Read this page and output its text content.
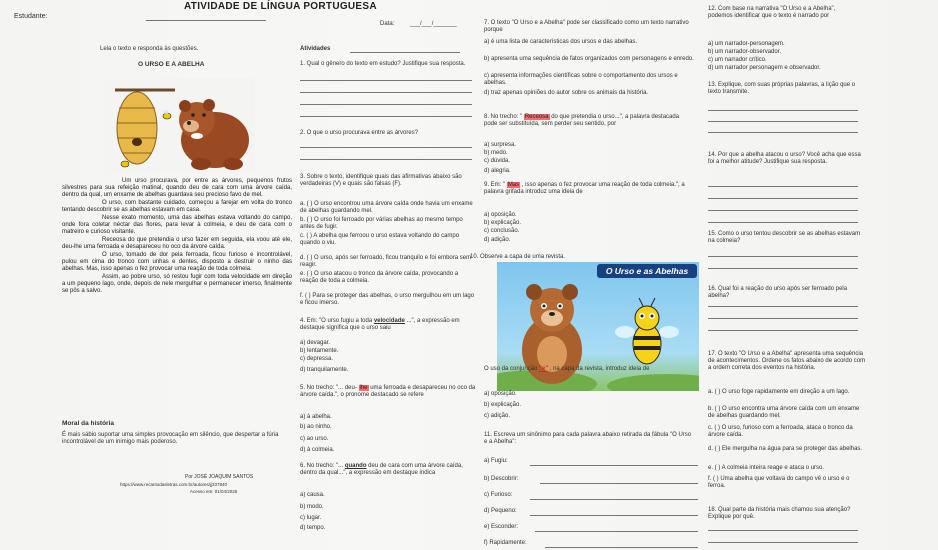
Estudante:
ATIVIDADE DE LÍNGUA PORTUGUESA
Data:	___/___/_______
Leia o texto e responda às questões.
O URSO E A ABELHA

Um urso procurava, por entre as árvores, pequenos frutos silvestres para sua refeição matinal, quando deu de cara com uma árvore caída, dentro da qual, um enxame de abelhas guardava seu precioso favo de mel.

O urso, com bastante cuidado, começou a farejar em volta do tronco tentando descobrir se as abelhas estavam em casa.

Nesse exato momento, uma das abelhas estava voltando do campo, onde fora coletar néctar das flores, para levar à colmeia, e deu de cara com o matreiro e curioso visitante.

Receosa do que pretendia o urso fazer em seguida, ela voou até ele, deu-lhe uma ferroada e desapareceu no oco da árvore caída.

O urso, tomado de dor pela ferroada, ficou furioso e incontrolável, pulou em cima do tronco com unhas e dentes, disposto a destruir o ninho das abelhas. Mas, isso apenas o fez provocar uma reação de toda colmeia.

Assim, ao pobre urso, só restou fugir com toda velocidade em direção a um pequeno lago, onde, depois de nele mergulhar e permanecer imerso, finalmente se pôs a salvo.

Moral da história
É mais sábio suportar uma simples provocação em silêncio, que despertar a fúria incontrolável de um inimigo mais poderoso.
Por JOSÉ JOAQUIM SANTOS
https://www.recantodasletras.com.br/autores/jj337840
Acesso em: 01/04/2025
Atividades
1. Qual o gênero do texto em estudo? Justifique sua resposta.
2. O que o urso procurava entre as árvores?
3. Sobre o texto, identifique quais das afirmativas abaixo são verdadeiras (V) e quais são falsas (F).
a. ( ) O urso encontrou uma árvore caída onde havia um enxame de abelhas guardando mel.
b. ( ) O urso foi ferroado por várias abelhas ao mesmo tempo antes de fugir.
c. ( ) A abelha que ferroou o urso estava voltando do campo quando o viu.
d. ( ) O urso, após ser ferroado, ficou tranquilo e foi embora sem reagir.
e. ( ) O urso atacou o tronco da árvore caída, provocando a reação de toda a colmeia.
f. ( ) Para se proteger das abelhas, o urso mergulhou em um lago e ficou imerso.
4. Em: "O urso fugiu a toda velocidade ...", a expressão em destaque significa que o urso saiu
a) devagar.
b) lentamente.
c) depressa.
d) tranquilamente.
5. No trecho: "... deu- lhe uma ferroada e desapareceu no oco da árvore caída.", o pronome destacado se refere
a) à abelha.
b) ao ninho.
c) ao urso.
d) à colmeia.
6. No trecho: "... quando deu de cara com uma árvore caída, dentro da qual...", a expressão em destaque indica
a) causa.
b) modo.
c) lugar.
d) tempo.
7. O texto "O Urso e a Abelha" pode ser classificado como um texto narrativo porque
a) é uma lista de características dos ursos e das abelhas.
b) apresenta uma sequência de fatos organizados com personagens e enredo.
c) apresenta informações científicas sobre o comportamento dos ursos e abelhas.
d) traz apenas opiniões do autor sobre os animais da história.
8. No trecho: " Receosa do que pretendia o urso...", a palavra destacada pode ser substituída, sem perder seu sentido, por
a) surpresa.
b) medo.
c) dúvida.
d) alegria.
9. Em: " Mas , isso apenas o fez provocar uma reação de toda colmeia.", a palavra grifada introduz uma ideia de
a) oposição.
b) explicação.
c) conclusão.
d) adição.
10. Observe a capa de uma revista.
O Urso e as Abelhas
O uso da conjunção "e" , na capa da revista, introduz ideia de
a) oposição.
b) explicação.
c) adição.
11. Escreva um sinônimo para cada palavra abaixo retirada da fábula "O Urso e a Abelha":
a) Fugiu:
b) Descobrir:
c) Furioso:
d) Pequeno:
e) Esconder:
f) Rapidamente:
12. Com base na narrativa "O Urso e a Abelha", podemos identificar que o texto é narrado por
a) um narrador-personagem.
b) um narrador-observador.
c) um narrador crítico.
d) um narrador personagem e observador.
13. Explique, com suas próprias palavras, a lição que o texto transmite.
14. Por que a abelha atacou o urso? Você acha que essa foi a melhor atitude? Justifique sua resposta.
15. Como o urso tentou descobrir se as abelhas estavam na colmeia?
16. Qual foi a reação do urso após ser ferroado pela abelha?
17. O texto "O Urso e a Abelha" apresenta uma sequência de acontecimentos. Ordene os fatos abaixo de acordo com a ordem correta dos eventos na história.
a. ( ) O urso foge rapidamente em direção a um lago.
b. ( ) O urso encontra uma árvore caída com um enxame de abelhas guardando mel.
c. ( ) O urso, furioso com a ferroada, ataca o tronco da árvore caída.
d. ( ) Ele mergulha na água para se proteger das abelhas.
e. ( ) A colmeia inteira reage e ataca o urso.
f. ( ) Uma abelha que voltava do campo vê o urso e o ferroa.
18. Qual parte da história mais chamou sua atenção? Explique por quê.
